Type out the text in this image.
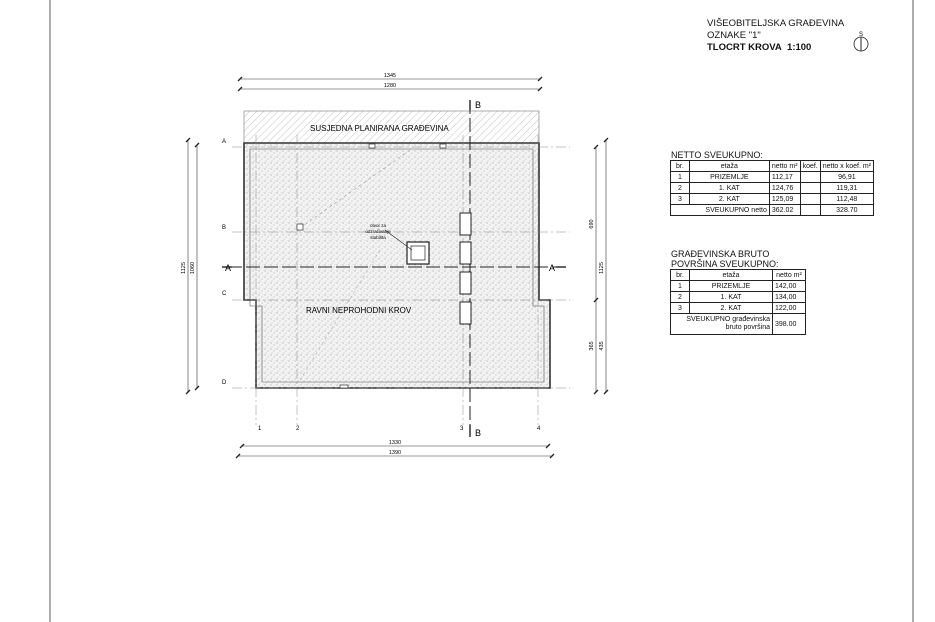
S
SUSJEDNA PLANIRANA GRAĐEVINA
RAVNI NEPROHODNI KROV
otvor za
odzračivanje
stubišta
B
B
A	A
A
B
C
D
1	2	3	4
1345
1280
1330
1390
1125 1060
690
1125
365 435
VIŠEOBITELJSKA GRAĐEVINA
OZNAKE "1"
TLOCRT KROVA 1:100
NETTO SVEUKUPNO:
br.	etaža	netto m²	koef.	netto x koef. m²
1	PRIZEMLJE	112,17		96,91
2	1. KAT	124,76		119,31
3	2. KAT	125,09		112,48
SVEUKUPNO netto		362.02		328.70
GRAĐEVINSKA BRUTO
POVRŠINA SVEUKUPNO:
br.	etaža	netto m²
1	PRIZEMLJE	142,00
2	1. KAT	134,00
3	2. KAT	122,00

SVEUKUPNO građevinska
bruto površina		398.00
